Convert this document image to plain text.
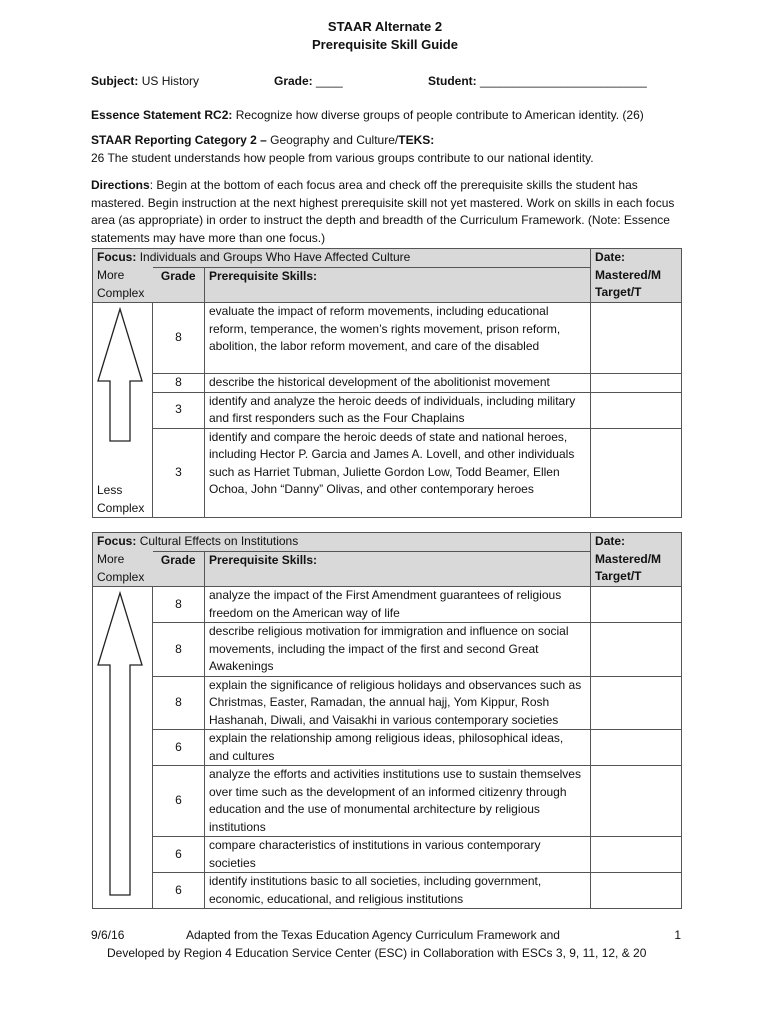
STAAR Alternate 2
Prerequisite Skill Guide
Subject: US History	Grade: ____	Student: _________________________
Essence Statement RC2: Recognize how diverse groups of people contribute to American identity. (26)
STAAR Reporting Category 2 – Geography and Culture/TEKS:
26 The student understands how people from various groups contribute to our national identity.
Directions: Begin at the bottom of each focus area and check off the prerequisite skills the student has mastered. Begin instruction at the next highest prerequisite skill not yet mastered. Work on skills in each focus area (as appropriate) in order to instruct the depth and breadth of the Curriculum Framework. (Note: Essence statements may have more than one focus.)
Focus: Individuals and Groups Who Have Affected Culture			Date:
Mastered/M
Target/T
More
Complex	Grade	Prerequisite Skills:	

Less
Complex	8	evaluate the impact of reform movements, including educational reform, temperance, the women’s rights movement, prison reform, abolition, the labor reform movement, and care of the disabled	
	8	describe the historical development of the abolitionist movement	
	3	identify and analyze the heroic deeds of individuals, including military and first responders such as the Four Chaplains	
	3	identify and compare the heroic deeds of state and national heroes, including Hector P. Garcia and James A. Lovell, and other individuals such as Harriet Tubman, Juliette Gordon Low, Todd Beamer, Ellen Ochoa, John “Danny” Olivas, and other contemporary heroes	
Focus: Cultural Effects on Institutions			Date:
Mastered/M
Target/T
More
Complex	Grade	Prerequisite Skills:	

	8	analyze the impact of the First Amendment guarantees of religious freedom on the American way of life	
	8	describe religious motivation for immigration and influence on social movements, including the impact of the first and second Great Awakenings	
	8	explain the significance of religious holidays and observances such as Christmas, Easter, Ramadan, the annual hajj, Yom Kippur, Rosh Hashanah, Diwali, and Vaisakhi in various contemporary societies	
	6	explain the relationship among religious ideas, philosophical ideas, and cultures	
	6	analyze the efforts and activities institutions use to sustain themselves over time such as the development of an informed citizenry through education and the use of monumental architecture by religious institutions	
	6	compare characteristics of institutions in various contemporary societies	
	6	identify institutions basic to all societies, including government, economic, educational, and religious institutions	
9/6/16	Adapted from the Texas Education Agency Curriculum Framework and	1
Developed by Region 4 Education Service Center (ESC) in Collaboration with ESCs 3, 9, 11, 12, & 20
